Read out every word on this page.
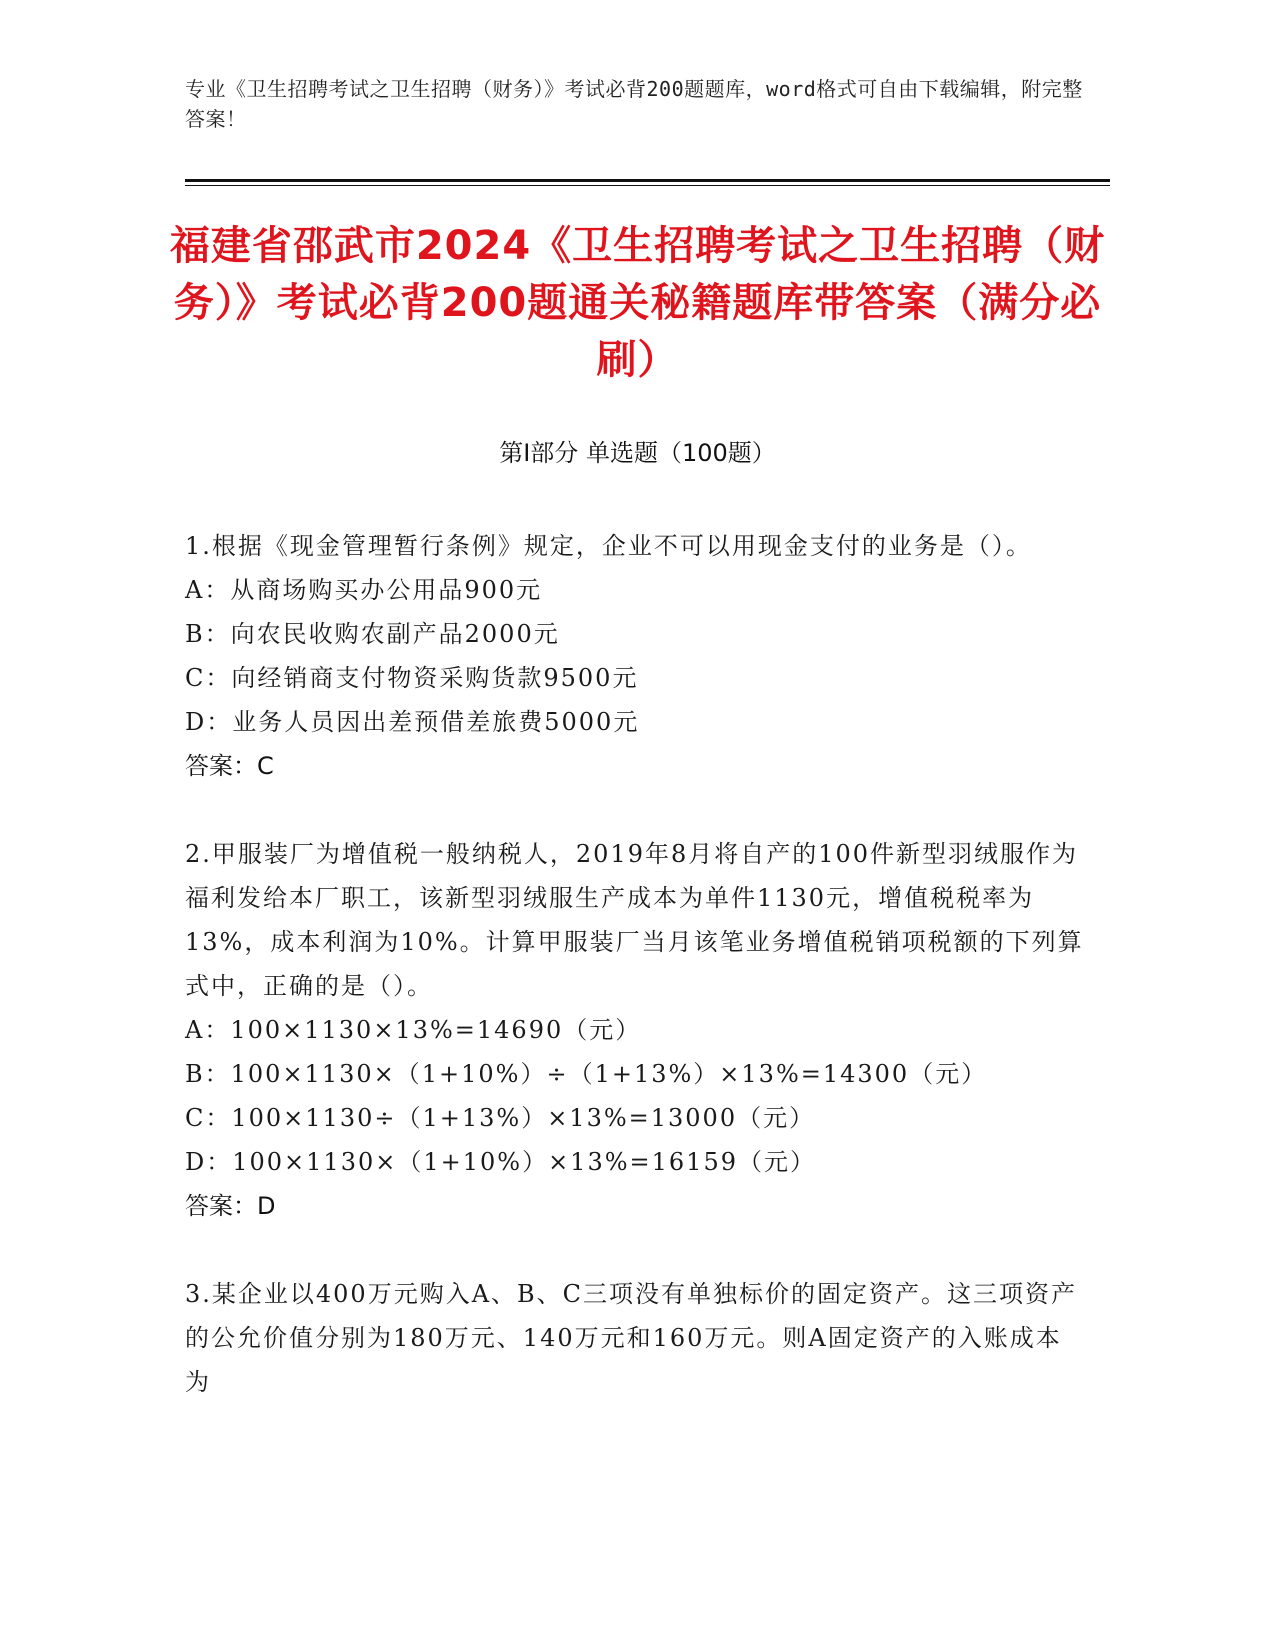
专业《卫生招聘考试之卫生招聘（财务）》考试必背200题题库，word格式可自由下载编辑，附完整答案！
福建省邵武市2024《卫生招聘考试之卫生招聘（财务）》考试必背200题通关秘籍题库带答案（满分必刷）
第Ⅰ部分 单选题（100题）

1.根据《现金管理暂行条例》规定，企业不可以用现金支付的业务是（）。

A：从商场购买办公用品900元

B：向农民收购农副产品2000元

C：向经销商支付物资采购货款9500元

D：业务人员因出差预借差旅费5000元

答案：C

2.甲服装厂为增值税一般纳税人，2019年8月将自产的100件新型羽绒服作为福利发给本厂职工，该新型羽绒服生产成本为单件1130元，增值税税率为13%，成本利润为10%。计算甲服装厂当月该笔业务增值税销项税额的下列算式中，正确的是（）。

A：100×1130×13%=14690（元）

B：100×1130×（1+10%）÷（1+13%）×13%=14300（元）

C：100×1130÷（1+13%）×13%=13000（元）

D：100×1130×（1+10%）×13%=16159（元）

答案：D

3.某企业以400万元购入A、B、C三项没有单独标价的固定资产。这三项资产的公允价值分别为180万元、140万元和160万元。则A固定资产的入账成本为
